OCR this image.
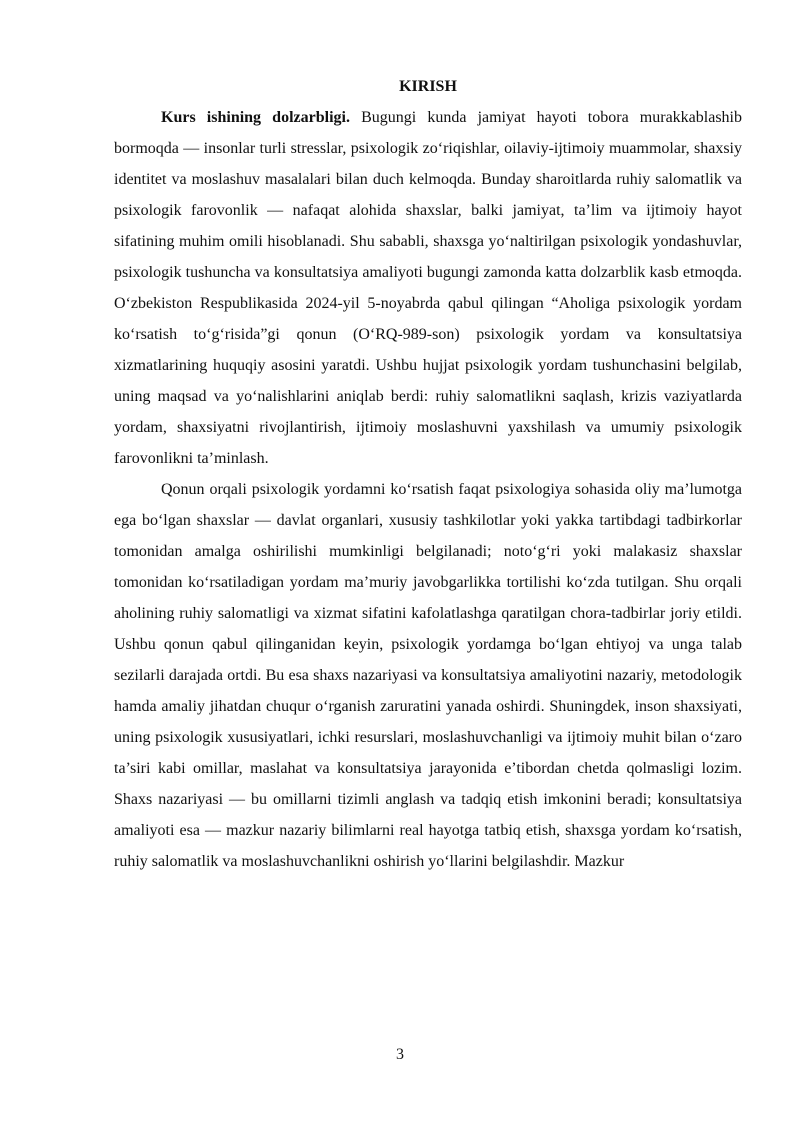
KIRISH

Kurs ishining dolzarbligi. Bugungi kunda jamiyat hayoti tobora murakkablashib bormoqda — insonlar turli stresslar, psixologik zo‘riqishlar, oilaviy-ijtimoiy muammolar, shaxsiy identitet va moslashuv masalalari bilan duch kelmoqda. Bunday sharoitlarda ruhiy salomatlik va psixologik farovonlik — nafaqat alohida shaxslar, balki jamiyat, ta’lim va ijtimoiy hayot sifatining muhim omili hisoblanadi. Shu sababli, shaxsga yo‘naltirilgan psixologik yondashuvlar, psixologik tushuncha va konsultatsiya amaliyoti bugungi zamonda katta dolzarblik kasb etmoqda. O‘zbekiston Respublikasida 2024-yil 5-noyabrda qabul qilingan “Aholiga psixologik yordam ko‘rsatish to‘g‘risida”gi qonun (O‘RQ-989-son) psixologik yordam va konsultatsiya xizmatlarining huquqiy asosini yaratdi. Ushbu hujjat psixologik yordam tushunchasini belgilab, uning maqsad va yo‘nalishlarini aniqlab berdi: ruhiy salomatlikni saqlash, krizis vaziyatlarda yordam, shaxsiyatni rivojlantirish, ijtimoiy moslashuvni yaxshilash va umumiy psixologik farovonlikni ta’minlash.

Qonun orqali psixologik yordamni ko‘rsatish faqat psixologiya sohasida oliy ma’lumotga ega bo‘lgan shaxslar — davlat organlari, xususiy tashkilotlar yoki yakka tartibdagi tadbirkorlar tomonidan amalga oshirilishi mumkinligi belgilanadi; noto‘g‘ri yoki malakasiz shaxslar tomonidan ko‘rsatiladigan yordam ma’muriy javobgarlikka tortilishi ko‘zda tutilgan. Shu orqali aholining ruhiy salomatligi va xizmat sifatini kafolatlashga qaratilgan chora-tadbirlar joriy etildi. Ushbu qonun qabul qilinganidan keyin, psixologik yordamga bo‘lgan ehtiyoj va unga talab sezilarli darajada ortdi. Bu esa shaxs nazariyasi va konsultatsiya amaliyotini nazariy, metodologik hamda amaliy jihatdan chuqur o‘rganish zaruratini yanada oshirdi. Shuningdek, inson shaxsiyati, uning psixologik xususiyatlari, ichki resurslari, moslashuvchanligi va ijtimoiy muhit bilan o‘zaro ta’siri kabi omillar, maslahat va konsultatsiya jarayonida e’tibordan chetda qolmasligi lozim. Shaxs nazariyasi — bu omillarni tizimli anglash va tadqiq etish imkonini beradi; konsultatsiya amaliyoti esa — mazkur nazariy bilimlarni real hayotga tatbiq etish, shaxsga yordam ko‘rsatish, ruhiy salomatlik va moslashuvchanlikni oshirish yo‘llarini belgilashdir. Mazkur

3
